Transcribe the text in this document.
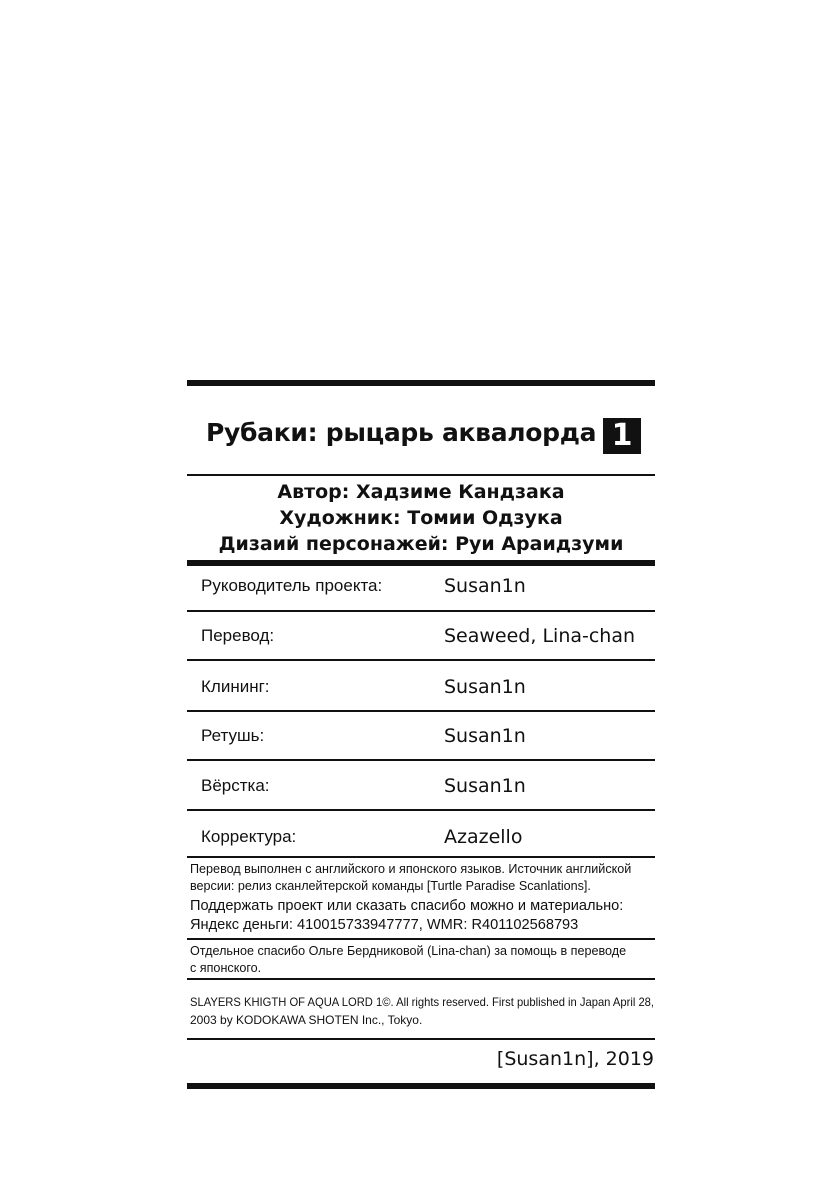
Рубаки: рыцарь аквалорда 1
Автор: Хадзиме Кандзака
Художник: Томии Одзука
Дизаий персонажей: Руи Араидзуми
Руководитель проекта:	Susan1n
Перевод:	Seaweed, Lina-chan
Клининг:	Susan1n
Ретушь:	Susan1n
Вёрстка:	Susan1n
Корректура:	Azazello
Перевод выполнен с английского и японского языков. Источник английской
версии: релиз сканлейтерской команды [Turtle Paradise Scanlations].
Поддержать проект или сказать спасибо можно и материально:
Яндекс деньги: 410015733947777, WMR: R401102568793
Отдельное спасибо Ольге Бердниковой (Lina-chan) за помощь в переводе
с японского.
SLAYERS KHIGTH OF AQUA LORD 1©. All rights reserved. First published in Japan April 28,
2003 by KODOKAWA SHOTEN Inc., Tokyo.
[Susan1n], 2019
